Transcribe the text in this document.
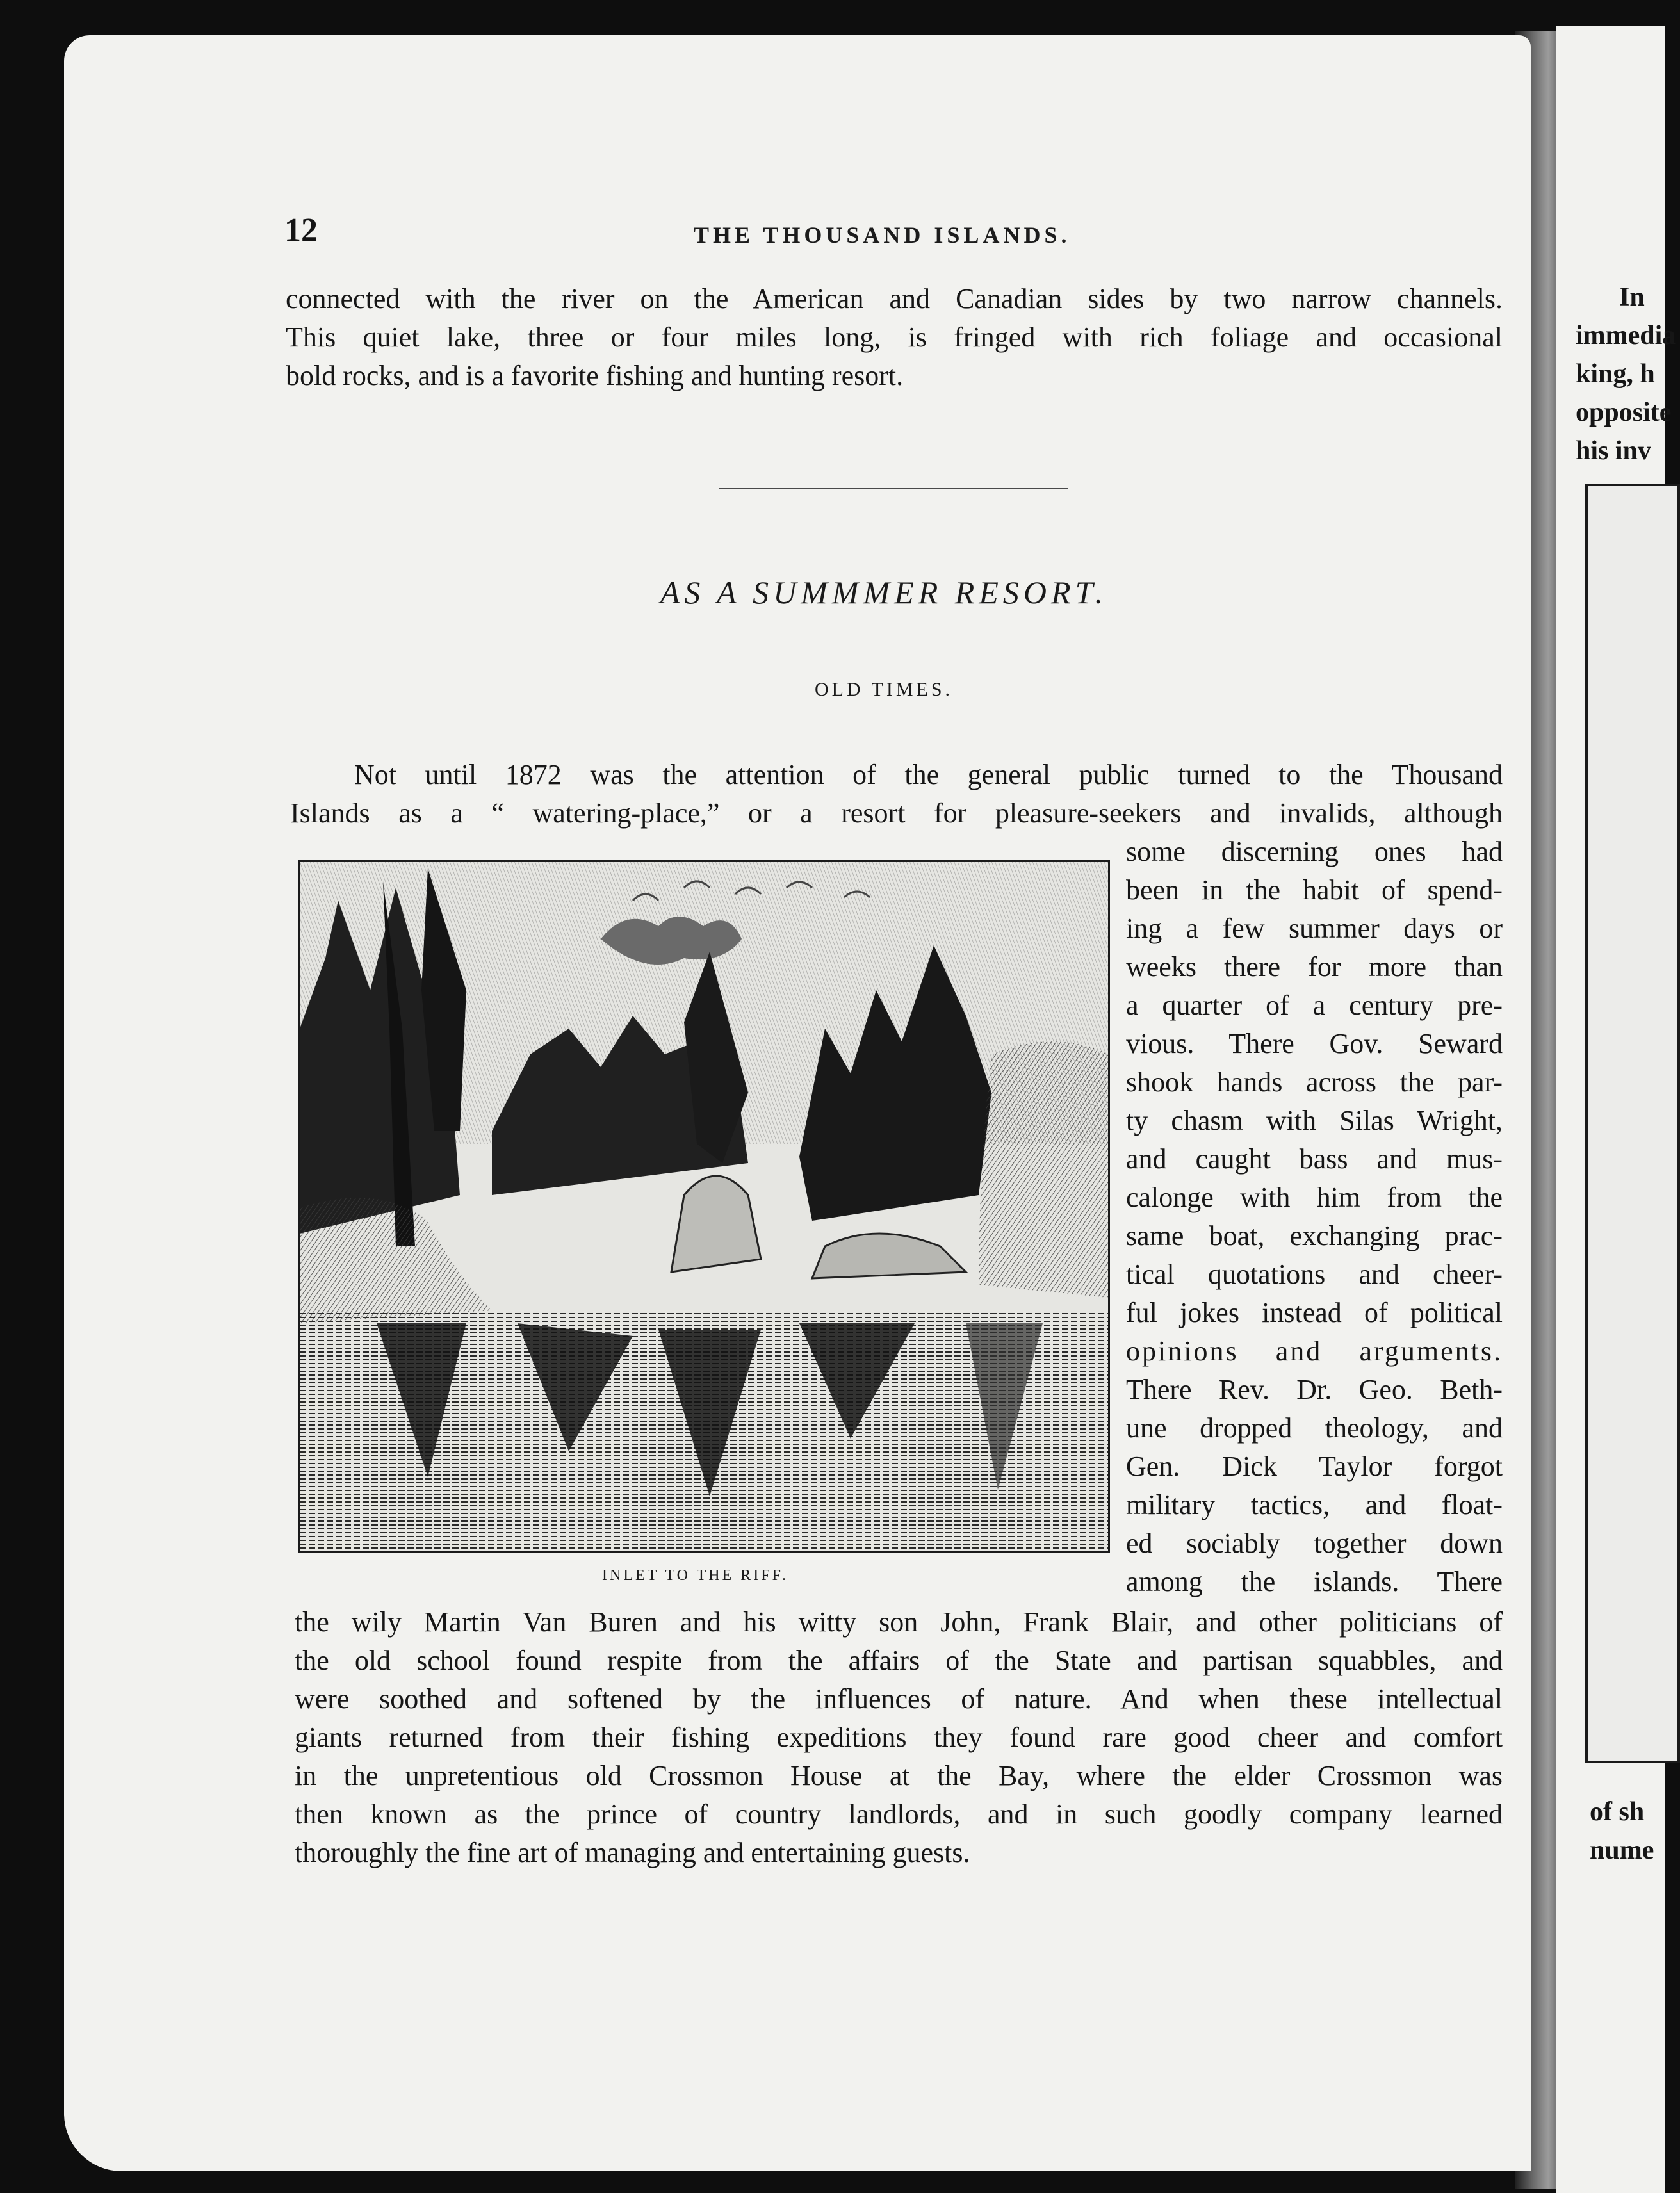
12	THE THOUSAND ISLANDS.
connected with the river on the American and Canadian sides by two narrow channels.
This quiet lake, three or four miles long, is fringed with rich foliage and occasional
bold rocks, and is a favorite fishing and hunting resort.
AS A SUMMMER RESORT.
OLD TIMES.
Not until 1872 was the attention of the general public turned to the Thousand
Islands as a “ watering-place,” or a resort for pleasure-seekers and invalids, although
INLET TO THE RIFF.
some discerning ones had
been in the habit of spend-
ing a few summer days or
weeks there for more than
a quarter of a century pre-
vious. There Gov. Seward
shook hands across the par-
ty chasm with Silas Wright,
and caught bass and mus-
calonge with him from the
same boat, exchanging prac-
tical quotations and cheer-
ful jokes instead of political
opinions and arguments.
There Rev. Dr. Geo. Beth-
une dropped theology, and
Gen. Dick Taylor forgot
military tactics, and float-
ed sociably together down
among the islands. There
the wily Martin Van Buren and his witty son John, Frank Blair, and other politicians of
the old school found respite from the affairs of the State and partisan squabbles, and
were soothed and softened by the influences of nature. And when these intellectual
giants returned from their fishing expeditions they found rare good cheer and comfort
in the unpretentious old Crossmon House at the Bay, where the elder Crossmon was
then known as the prince of country landlords, and in such goodly company learned
thoroughly the fine art of managing and entertaining guests.
In
immedia
king, h
opposite
his inv
of sh
nume
